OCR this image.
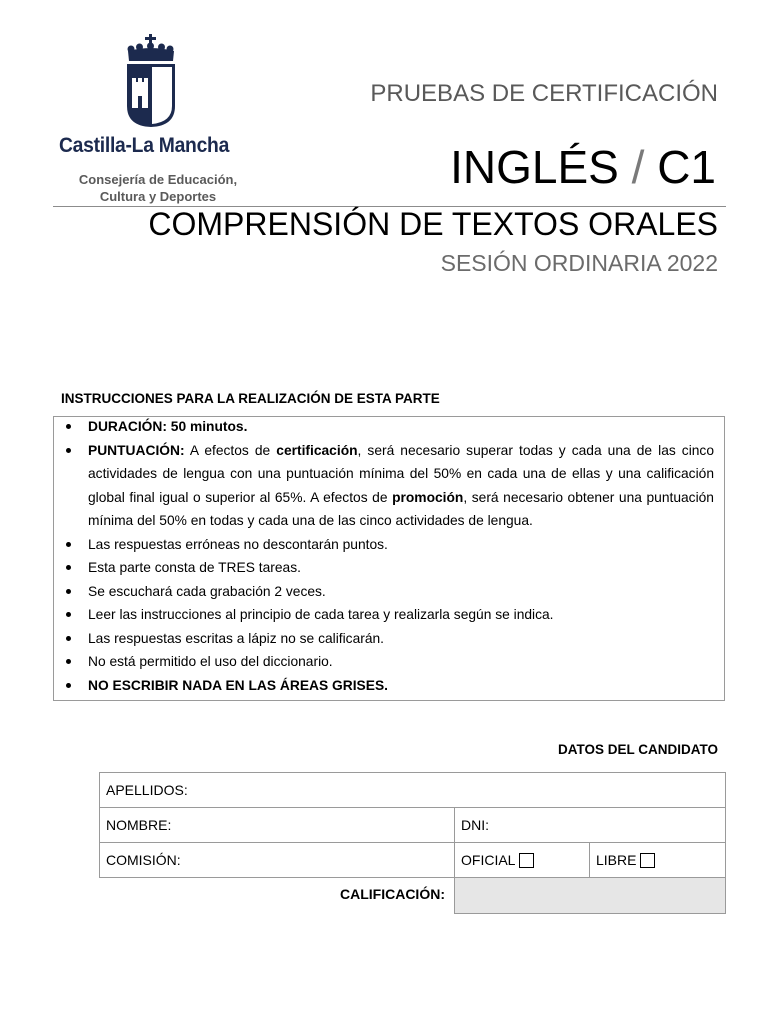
Castilla-La Mancha
Consejería de Educación, Cultura y Deportes
PRUEBAS DE CERTIFICACIÓN
INGLÉS / C1
COMPRENSIÓN DE TEXTOS ORALES
SESIÓN ORDINARIA 2022
INSTRUCCIONES PARA LA REALIZACIÓN DE ESTA PARTE
DURACIÓN: 50 minutos.
PUNTUACIÓN: A efectos de certificación, será necesario superar todas y cada una de las cinco actividades de lengua con una puntuación mínima del 50% en cada una de ellas y una calificación global final igual o superior al 65%. A efectos de promoción, será necesario obtener una puntuación mínima del 50% en todas y cada una de las cinco actividades de lengua.
Las respuestas erróneas no descontarán puntos.
Esta parte consta de TRES tareas.
Se escuchará cada grabación 2 veces.
Leer las instrucciones al principio de cada tarea y realizarla según se indica.
Las respuestas escritas a lápiz no se calificarán.
No está permitido el uso del diccionario.
NO ESCRIBIR NADA EN LAS ÁREAS GRISES.
DATOS DEL CANDIDATO
APELLIDOS:
NOMBRE:	DNI:
COMISIÓN:	OFICIAL	LIBRE
CALIFICACIÓN:
